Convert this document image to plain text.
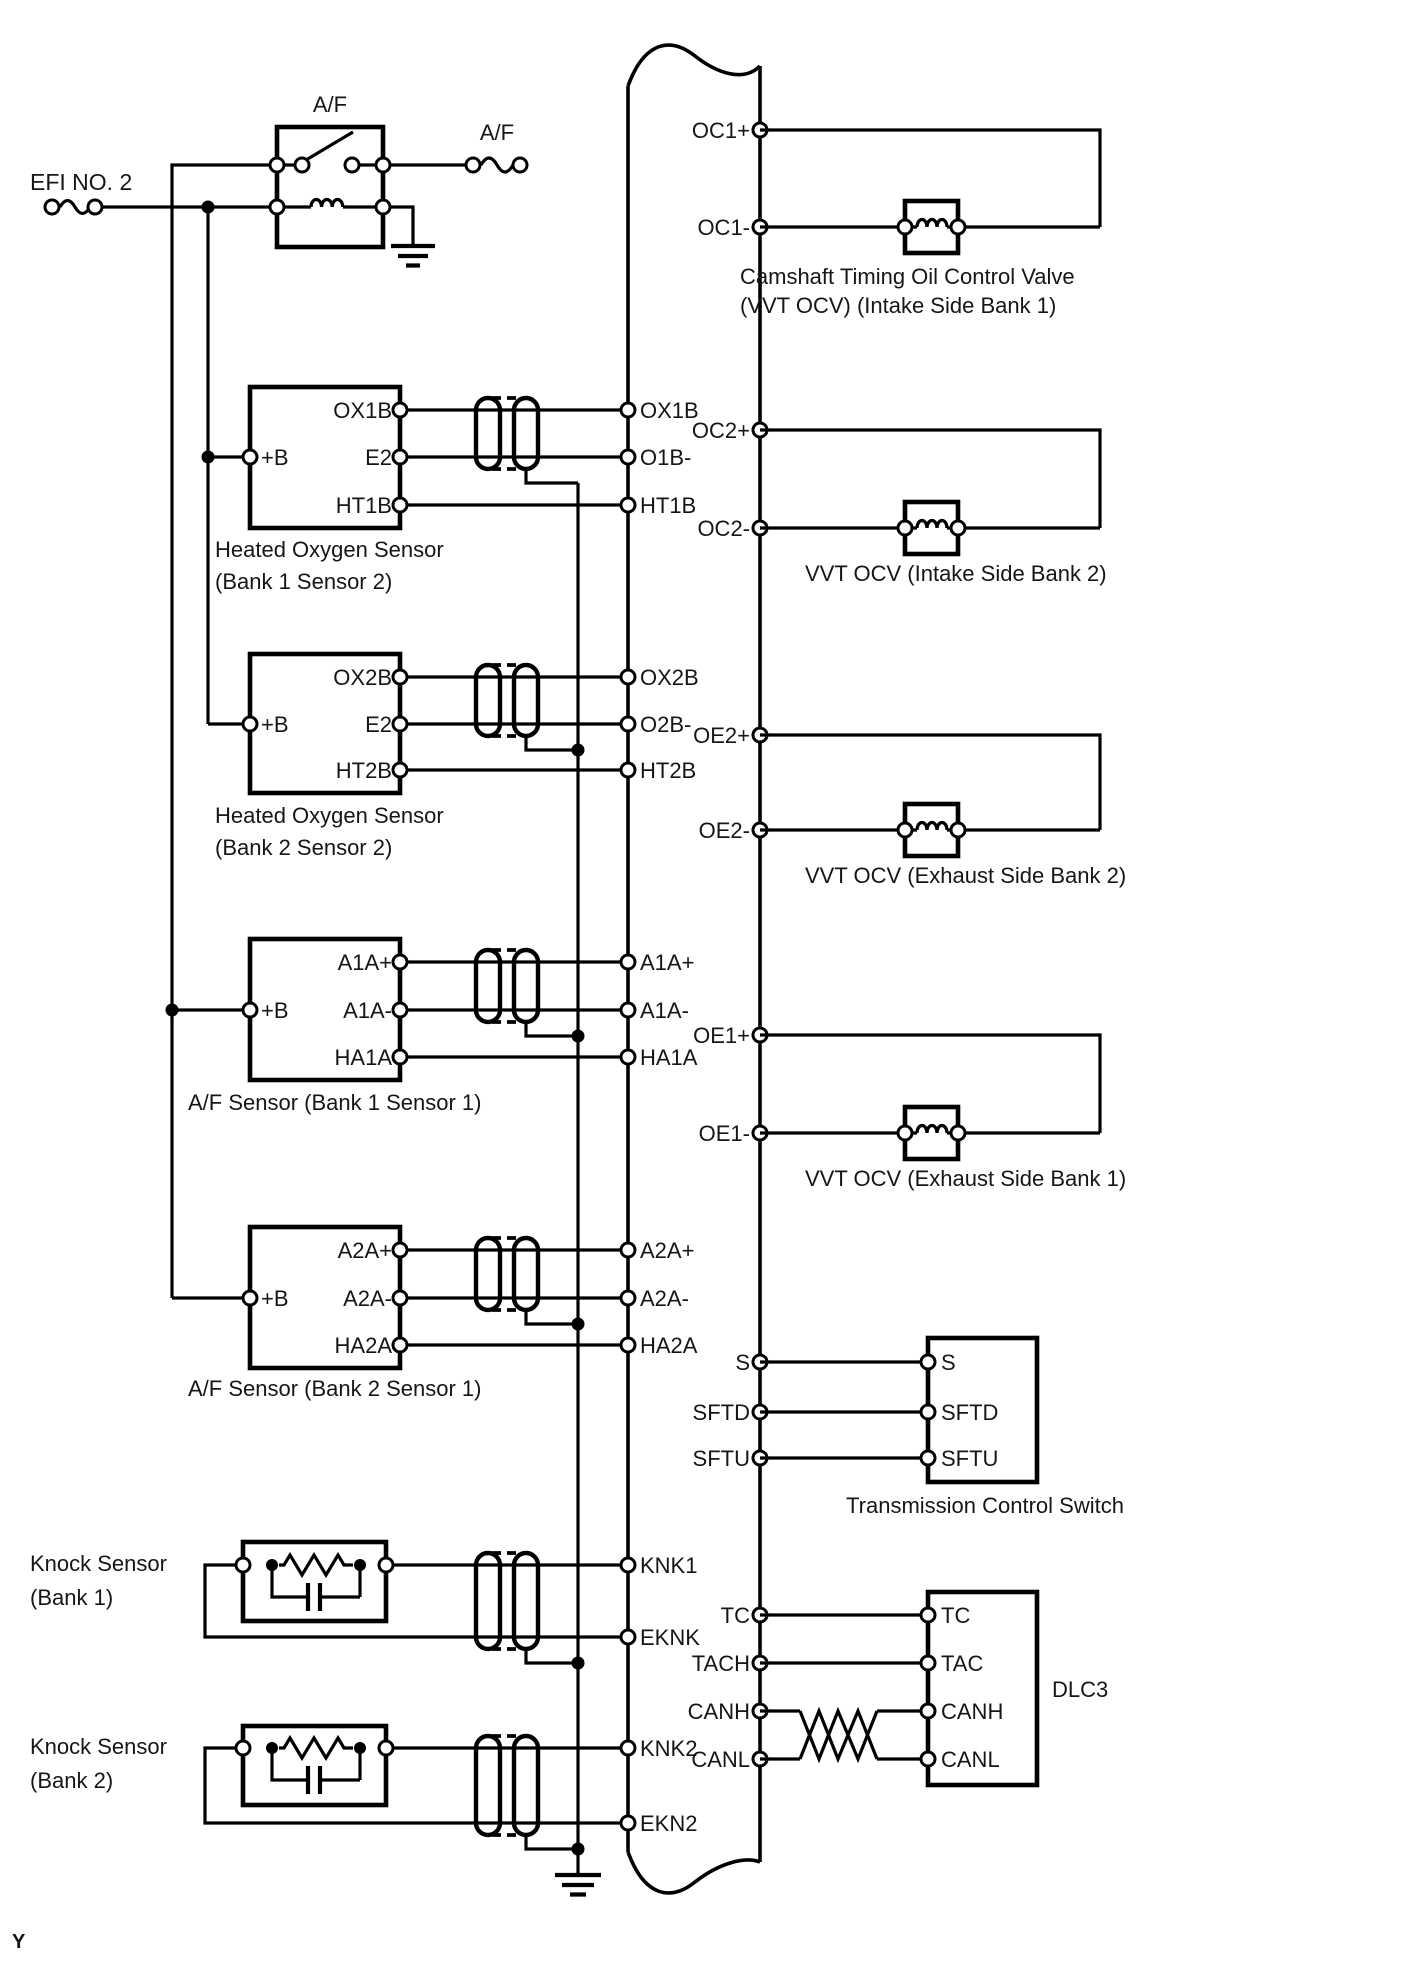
EFI NO. 2
A/F
A/F
OX1B
E2
HT1B
+B
Heated Oxygen Sensor
(Bank 1 Sensor 2)
OX2B
E2
HT2B
+B
Heated Oxygen Sensor
(Bank 2 Sensor 2)
A1A+
A1A-
HA1A
+B
A/F Sensor (Bank 1 Sensor 1)
A2A+
A2A-
HA2A
+B
A/F Sensor (Bank 2 Sensor 1)
Knock Sensor
(Bank 1)
Knock Sensor
(Bank 2)
OX1B
O1B-
HT1B
OX2B
O2B-
HT2B
A1A+
A1A-
HA1A
A2A+
A2A-
HA2A
KNK1
EKNK
KNK2
EKN2
OC1+
OC1-
OC2+
OC2-
OE2+
OE2-
OE1+
OE1-
S
SFTD
SFTU
TC
TACH
CANH
CANL
Camshaft Timing Oil Control Valve
(VVT OCV) (Intake Side Bank 1)
VVT OCV (Intake Side Bank 2)
VVT OCV (Exhaust Side Bank 2)
VVT OCV (Exhaust Side Bank 1)
S
SFTD
SFTU
Transmission Control Switch
TC
TAC
CANH
CANL
DLC3
Y
